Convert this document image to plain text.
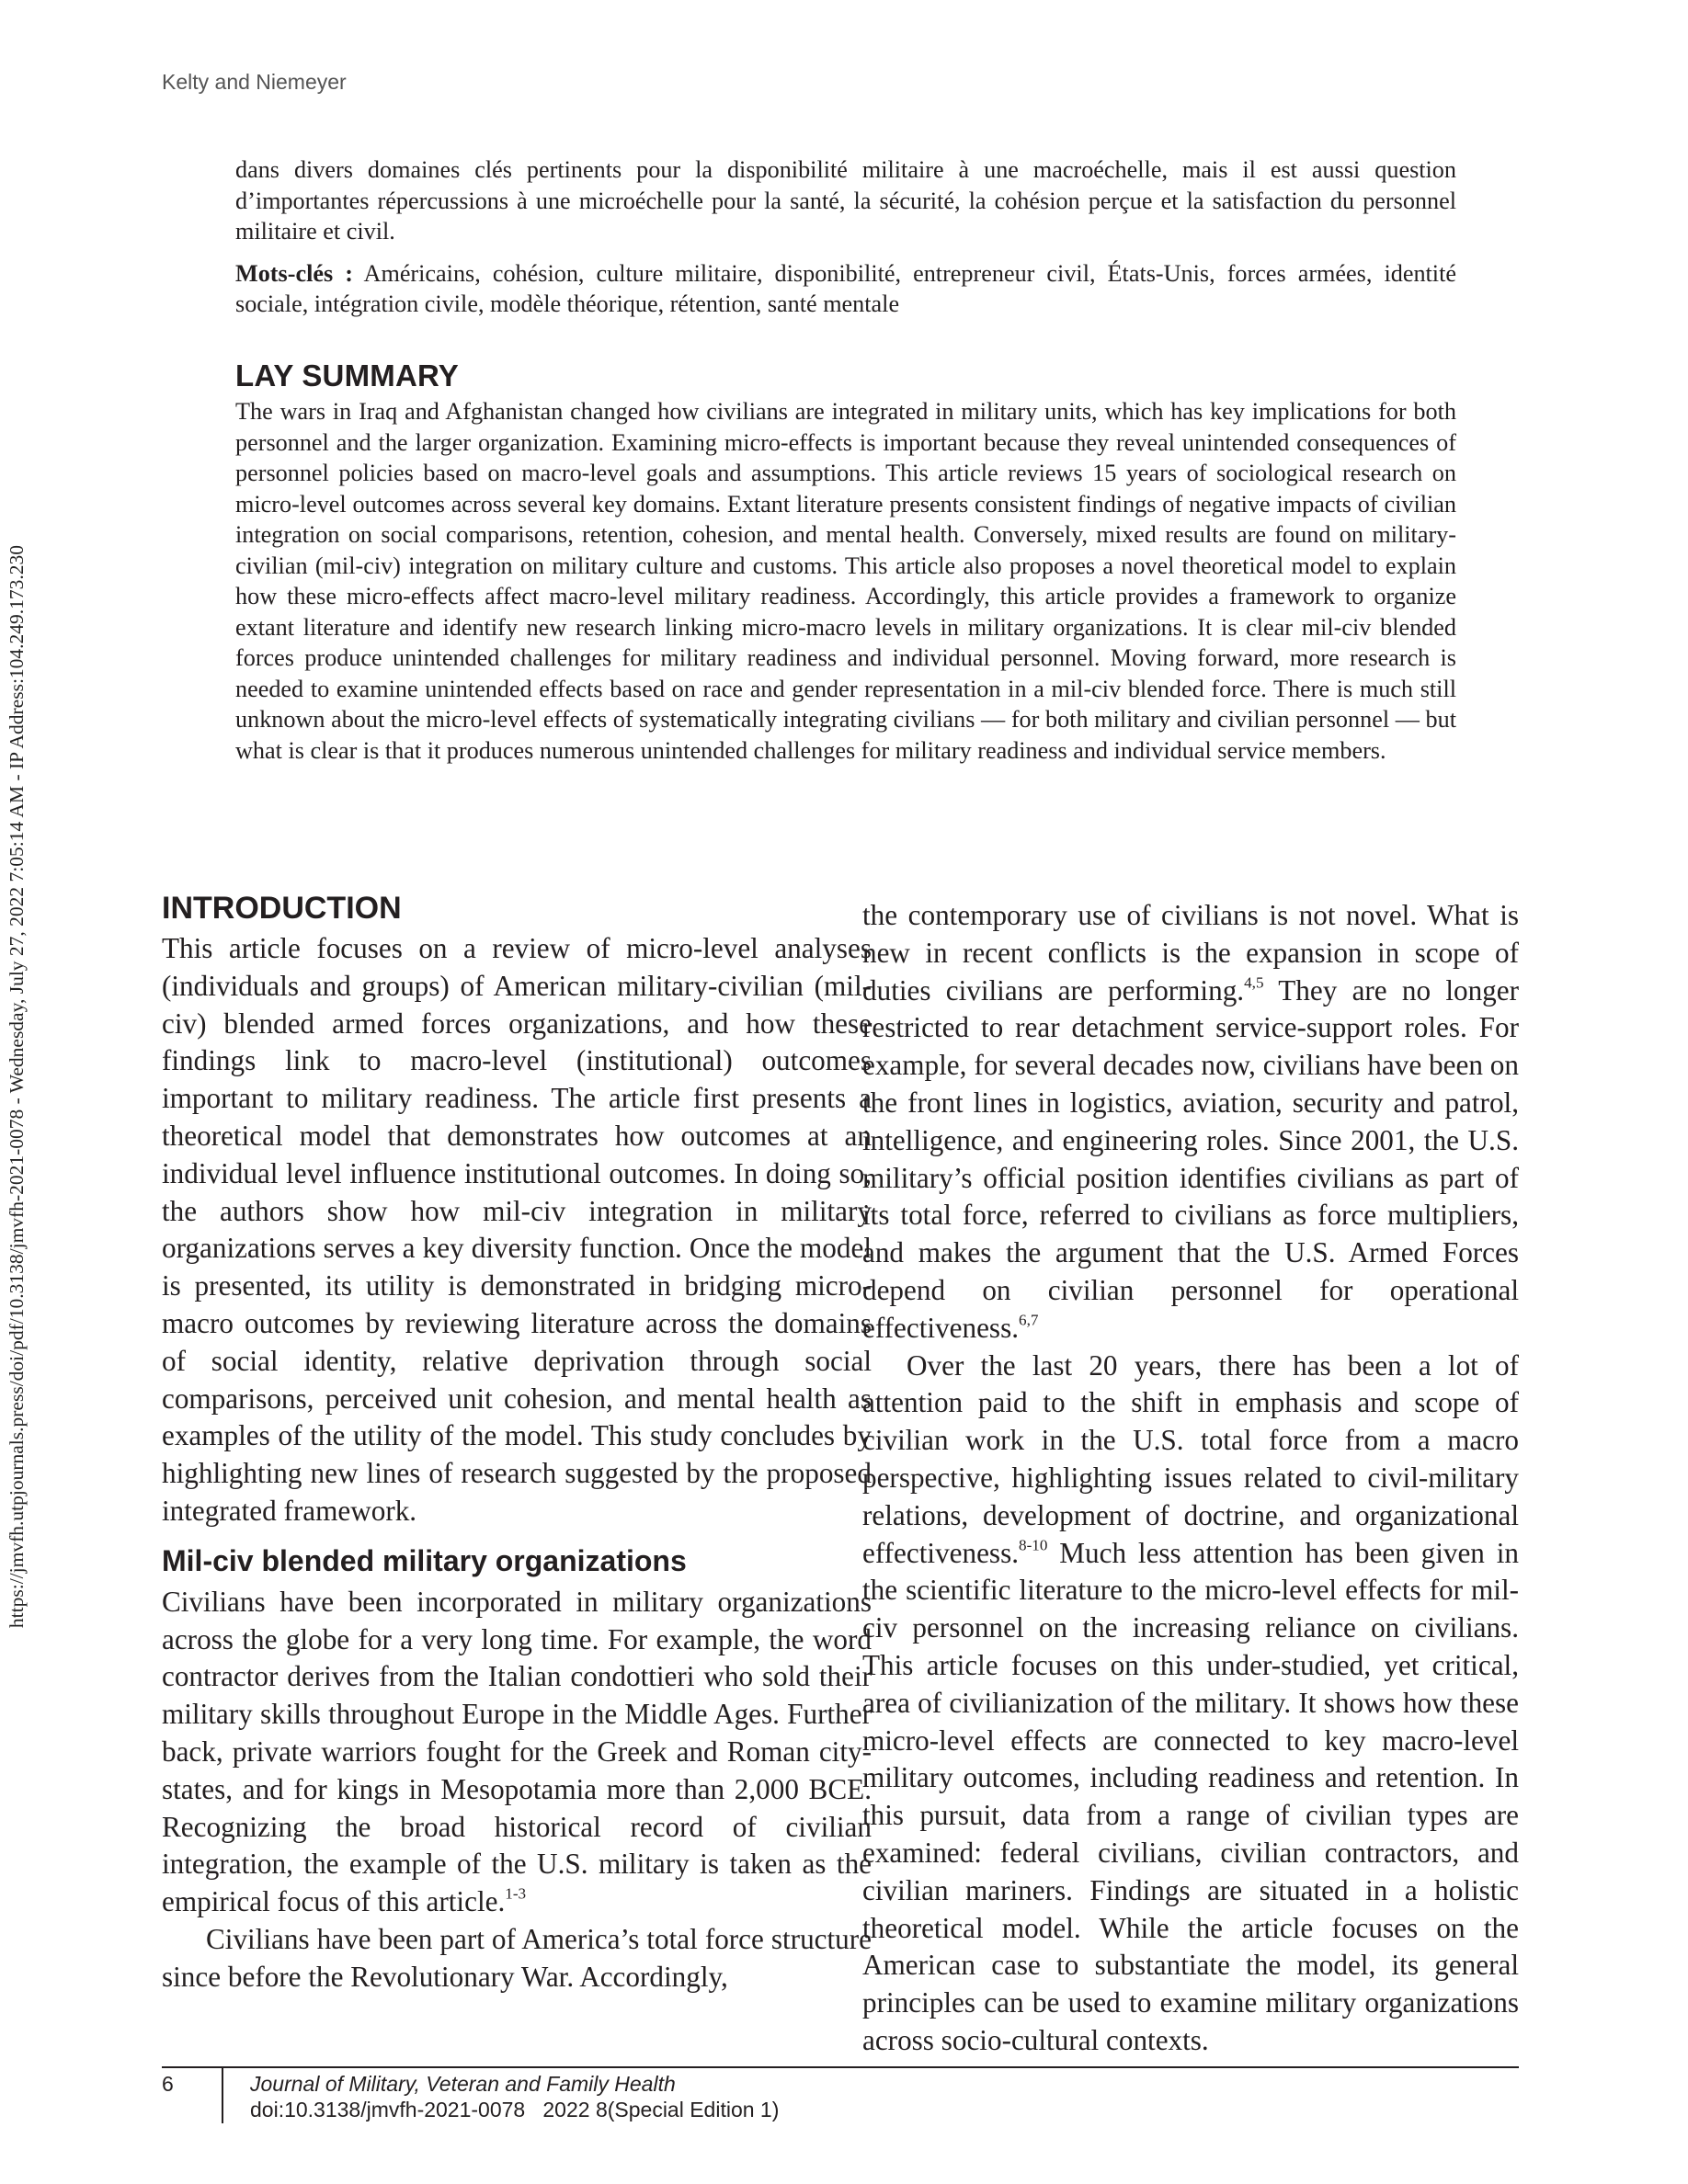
Kelty and Niemeyer
https://jmvfh.utpjournals.press/doi/pdf/10.3138/jmvfh-2021-0078 - Wednesday, July 27, 2022 7:05:14 AM - IP Address:104.249.173.230

dans divers domaines clés pertinents pour la disponibilité militaire à une macroéchelle, mais il est aussi question d’importantes répercussions à une microéchelle pour la santé, la sécurité, la cohésion perçue et la satisfaction du personnel militaire et civil.

Mots-clés : Américains, cohésion, culture militaire, disponibilité, entrepreneur civil, États-Unis, forces armées, identité sociale, intégration civile, modèle théorique, rétention, santé mentale

LAY SUMMARY

The wars in Iraq and Afghanistan changed how civilians are integrated in military units, which has key implications for both personnel and the larger organization. Examining micro-effects is important because they reveal unintended consequences of personnel policies based on macro-level goals and assumptions. This article reviews 15 years of sociological research on micro-level outcomes across several key domains. Extant literature presents consistent findings of negative impacts of civilian integration on social comparisons, retention, cohesion, and mental health. Conversely, mixed results are found on military-civilian (mil-civ) integration on military culture and customs. This article also proposes a novel theoretical model to explain how these micro-effects affect macro-level military readiness. Accordingly, this article provides a framework to organize extant literature and identify new research linking micro-macro levels in military organizations. It is clear mil-civ blended forces produce unintended challenges for military readiness and individual personnel. Moving forward, more research is needed to examine unintended effects based on race and gender representation in a mil-civ blended force. There is much still unknown about the micro-level effects of systematically integrating civilians — for both military and civilian personnel — but what is clear is that it produces numerous unintended challenges for military readiness and individual service members.

INTRODUCTION

This article focuses on a review of micro-level analyses (individuals and groups) of American military-civilian (mil-civ) blended armed forces organizations, and how these findings link to macro-level (institutional) outcomes important to military readiness. The article first presents a theoretical model that demonstrates how outcomes at an individual level influence institutional outcomes. In doing so, the authors show how mil-civ integration in military organizations serves a key diversity function. Once the model is presented, its utility is demonstrated in bridging micro-macro outcomes by reviewing literature across the domains of social identity, relative deprivation through social comparisons, perceived unit cohesion, and mental health as examples of the utility of the model. This study concludes by highlighting new lines of research suggested by the proposed integrated framework.

Mil-civ blended military organizations

Civilians have been incorporated in military organizations across the globe for a very long time. For example, the word contractor derives from the Italian condottieri who sold their military skills throughout Europe in the Middle Ages. Further back, private warriors fought for the Greek and Roman city-states, and for kings in Mesopotamia more than 2,000 BCE. Recognizing the broad historical record of civilian integration, the example of the U.S. military is taken as the empirical focus of this article.$^{1-3}$

Civilians have been part of America’s total force structure since before the Revolutionary War. Accordingly,

the contemporary use of civilians is not novel. What is new in recent conflicts is the expansion in scope of duties civilians are performing.$^{4,5}$ They are no longer restricted to rear detachment service-support roles. For example, for several decades now, civilians have been on the front lines in logistics, aviation, security and patrol, intelligence, and engineering roles. Since 2001, the U.S. military’s official position identifies civilians as part of its total force, referred to civilians as force multipliers, and makes the argument that the U.S. Armed Forces depend on civilian personnel for operational effectiveness.$^{6,7}$

Over the last 20 years, there has been a lot of attention paid to the shift in emphasis and scope of civilian work in the U.S. total force from a macro perspective, highlighting issues related to civil-military relations, development of doctrine, and organizational effectiveness.$^{8-10}$ Much less attention has been given in the scientific literature to the micro-level effects for mil-civ personnel on the increasing reliance on civilians. This article focuses on this under-studied, yet critical, area of civilianization of the military. It shows how these micro-level effects are connected to key macro-level military outcomes, including readiness and retention. In this pursuit, data from a range of civilian types are examined: federal civilians, civilian contractors, and civilian mariners. Findings are situated in a holistic theoretical model. While the article focuses on the American case to substantiate the model, its general principles can be used to examine military organizations across socio-cultural contexts.

6	Journal of Military, Veteran and Family Health
doi:10.3138/jmvfh-2021-0078   2022 8(Special Edition 1)
